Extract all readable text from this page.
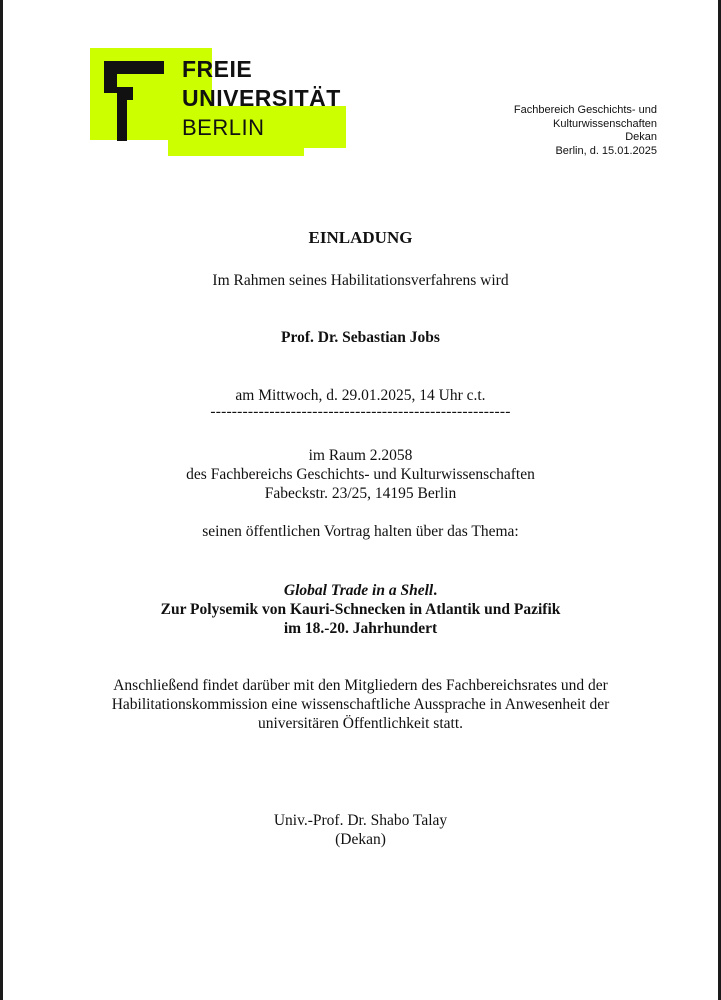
FREIE
UNIVERSITÄT
BERLIN
Fachbereich Geschichts- und
Kulturwissenschaften
Dekan
Berlin, d. 15.01.2025
EINLADUNG
Im Rahmen seines Habilitationsverfahrens wird
Prof. Dr. Sebastian Jobs
am Mittwoch, d. 29.01.2025, 14 Uhr c.t.
--------------------------------------------------------
im Raum 2.2058
des Fachbereichs Geschichts- und Kulturwissenschaften
Fabeckstr. 23/25, 14195 Berlin
seinen öffentlichen Vortrag halten über das Thema:
Global Trade in a Shell.
Zur Polysemik von Kauri-Schnecken in Atlantik und Pazifik
im 18.-20. Jahrhundert
Anschließend findet darüber mit den Mitgliedern des Fachbereichsrates und der
Habilitationskommission eine wissenschaftliche Aussprache in Anwesenheit der
universitären Öffentlichkeit statt.
Univ.-Prof. Dr. Shabo Talay
(Dekan)
